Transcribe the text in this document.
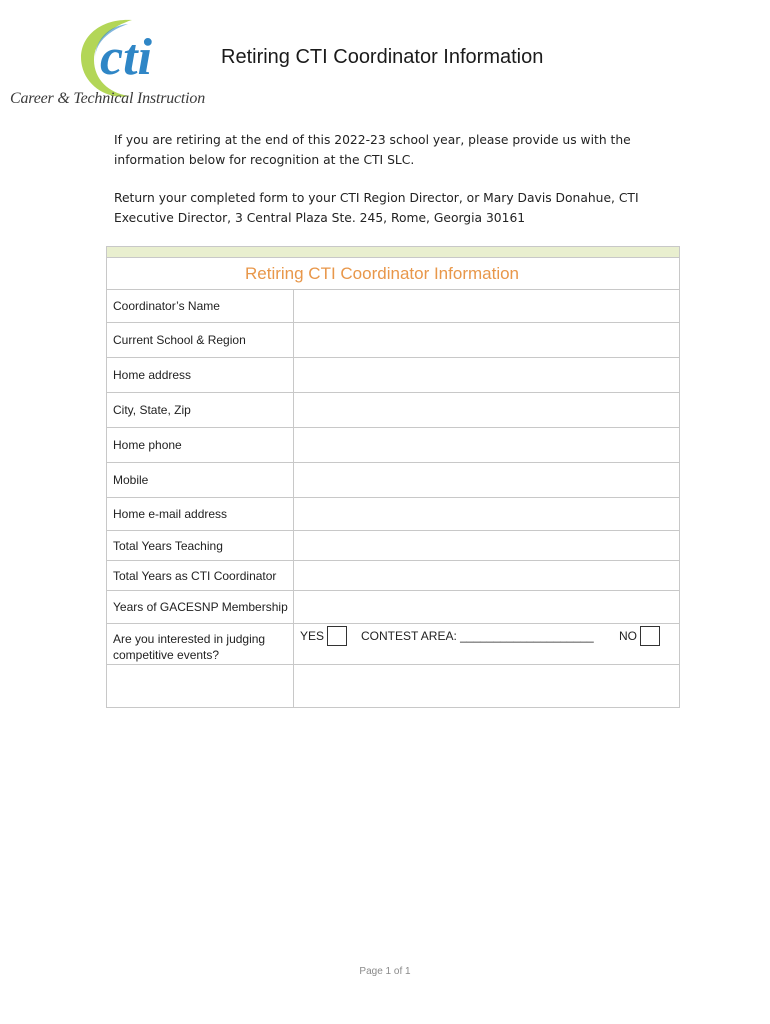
cti
Career & Technical Instruction
Retiring CTI Coordinator Information
If you are retiring at the end of this 2022-23 school year, please provide us with the information below for recognition at the CTI SLC.
Return your completed form to your CTI Region Director, or Mary Davis Donahue, CTI Executive Director, 3 Central Plaza Ste. 245, Rome, Georgia 30161
Retiring CTI Coordinator Information
Coordinator’s Name
Current School & Region
Home address
City, State, Zip
Home phone
Mobile
Home e-mail address
Total Years Teaching
Total Years as CTI Coordinator
Years of GACESNP Membership
Are you interested in judging competitive events?
YES	CONTEST AREA: ____________________ NO
Page 1 of 1
